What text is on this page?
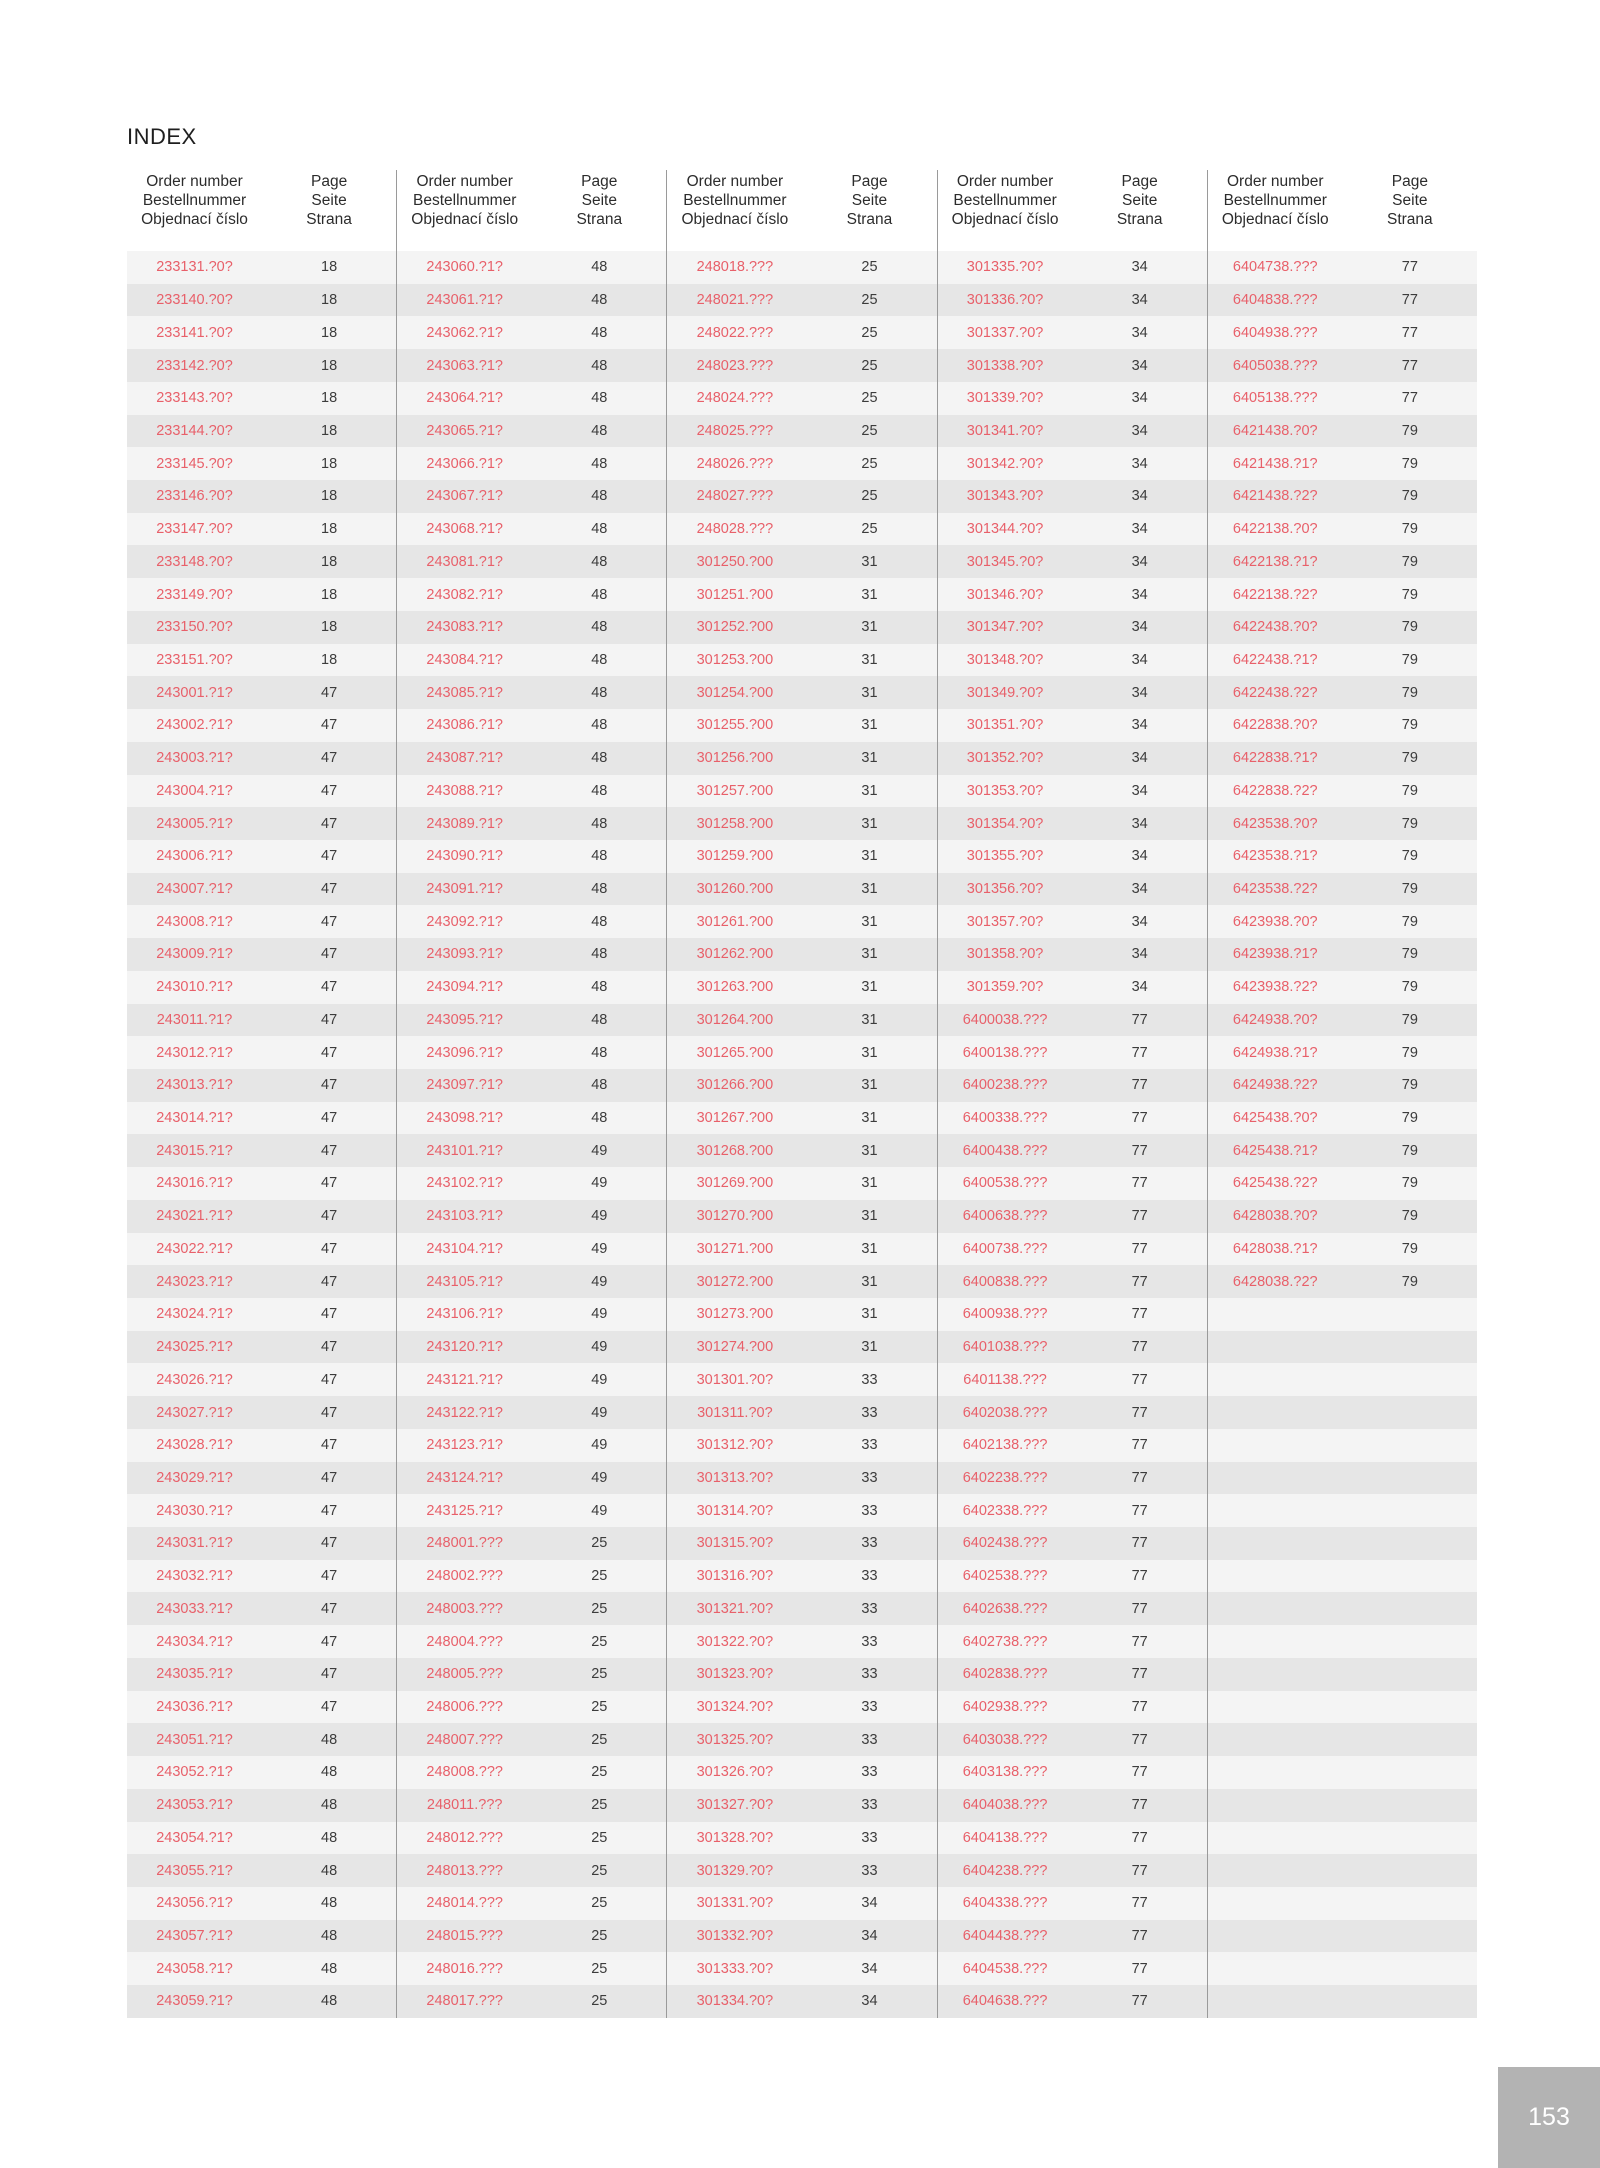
INDEX
Order number
Bestellnummer
Objednací číslo
Page
Seite
Strana
233131.?0?	18
233140.?0?	18
233141.?0?	18
233142.?0?	18
233143.?0?	18
233144.?0?	18
233145.?0?	18
233146.?0?	18
233147.?0?	18
233148.?0?	18
233149.?0?	18
233150.?0?	18
233151.?0?	18
243001.?1?	47
243002.?1?	47
243003.?1?	47
243004.?1?	47
243005.?1?	47
243006.?1?	47
243007.?1?	47
243008.?1?	47
243009.?1?	47
243010.?1?	47
243011.?1?	47
243012.?1?	47
243013.?1?	47
243014.?1?	47
243015.?1?	47
243016.?1?	47
243021.?1?	47
243022.?1?	47
243023.?1?	47
243024.?1?	47
243025.?1?	47
243026.?1?	47
243027.?1?	47
243028.?1?	47
243029.?1?	47
243030.?1?	47
243031.?1?	47
243032.?1?	47
243033.?1?	47
243034.?1?	47
243035.?1?	47
243036.?1?	47
243051.?1?	48
243052.?1?	48
243053.?1?	48
243054.?1?	48
243055.?1?	48
243056.?1?	48
243057.?1?	48
243058.?1?	48
243059.?1?	48
Order number
Bestellnummer
Objednací číslo
Page
Seite
Strana
243060.?1?	48
243061.?1?	48
243062.?1?	48
243063.?1?	48
243064.?1?	48
243065.?1?	48
243066.?1?	48
243067.?1?	48
243068.?1?	48
243081.?1?	48
243082.?1?	48
243083.?1?	48
243084.?1?	48
243085.?1?	48
243086.?1?	48
243087.?1?	48
243088.?1?	48
243089.?1?	48
243090.?1?	48
243091.?1?	48
243092.?1?	48
243093.?1?	48
243094.?1?	48
243095.?1?	48
243096.?1?	48
243097.?1?	48
243098.?1?	48
243101.?1?	49
243102.?1?	49
243103.?1?	49
243104.?1?	49
243105.?1?	49
243106.?1?	49
243120.?1?	49
243121.?1?	49
243122.?1?	49
243123.?1?	49
243124.?1?	49
243125.?1?	49
248001.???	25
248002.???	25
248003.???	25
248004.???	25
248005.???	25
248006.???	25
248007.???	25
248008.???	25
248011.???	25
248012.???	25
248013.???	25
248014.???	25
248015.???	25
248016.???	25
248017.???	25
Order number
Bestellnummer
Objednací číslo
Page
Seite
Strana
248018.???	25
248021.???	25
248022.???	25
248023.???	25
248024.???	25
248025.???	25
248026.???	25
248027.???	25
248028.???	25
301250.?00	31
301251.?00	31
301252.?00	31
301253.?00	31
301254.?00	31
301255.?00	31
301256.?00	31
301257.?00	31
301258.?00	31
301259.?00	31
301260.?00	31
301261.?00	31
301262.?00	31
301263.?00	31
301264.?00	31
301265.?00	31
301266.?00	31
301267.?00	31
301268.?00	31
301269.?00	31
301270.?00	31
301271.?00	31
301272.?00	31
301273.?00	31
301274.?00	31
301301.?0?	33
301311.?0?	33
301312.?0?	33
301313.?0?	33
301314.?0?	33
301315.?0?	33
301316.?0?	33
301321.?0?	33
301322.?0?	33
301323.?0?	33
301324.?0?	33
301325.?0?	33
301326.?0?	33
301327.?0?	33
301328.?0?	33
301329.?0?	33
301331.?0?	34
301332.?0?	34
301333.?0?	34
301334.?0?	34
Order number
Bestellnummer
Objednací číslo
Page
Seite
Strana
301335.?0?	34
301336.?0?	34
301337.?0?	34
301338.?0?	34
301339.?0?	34
301341.?0?	34
301342.?0?	34
301343.?0?	34
301344.?0?	34
301345.?0?	34
301346.?0?	34
301347.?0?	34
301348.?0?	34
301349.?0?	34
301351.?0?	34
301352.?0?	34
301353.?0?	34
301354.?0?	34
301355.?0?	34
301356.?0?	34
301357.?0?	34
301358.?0?	34
301359.?0?	34
6400038.???	77
6400138.???	77
6400238.???	77
6400338.???	77
6400438.???	77
6400538.???	77
6400638.???	77
6400738.???	77
6400838.???	77
6400938.???	77
6401038.???	77
6401138.???	77
6402038.???	77
6402138.???	77
6402238.???	77
6402338.???	77
6402438.???	77
6402538.???	77
6402638.???	77
6402738.???	77
6402838.???	77
6402938.???	77
6403038.???	77
6403138.???	77
6404038.???	77
6404138.???	77
6404238.???	77
6404338.???	77
6404438.???	77
6404538.???	77
6404638.???	77
Order number
Bestellnummer
Objednací číslo
Page
Seite
Strana
6404738.???	77
6404838.???	77
6404938.???	77
6405038.???	77
6405138.???	77
6421438.?0?	79
6421438.?1?	79
6421438.?2?	79
6422138.?0?	79
6422138.?1?	79
6422138.?2?	79
6422438.?0?	79
6422438.?1?	79
6422438.?2?	79
6422838.?0?	79
6422838.?1?	79
6422838.?2?	79
6423538.?0?	79
6423538.?1?	79
6423538.?2?	79
6423938.?0?	79
6423938.?1?	79
6423938.?2?	79
6424938.?0?	79
6424938.?1?	79
6424938.?2?	79
6425438.?0?	79
6425438.?1?	79
6425438.?2?	79
6428038.?0?	79
6428038.?1?	79
6428038.?2?	79
153
